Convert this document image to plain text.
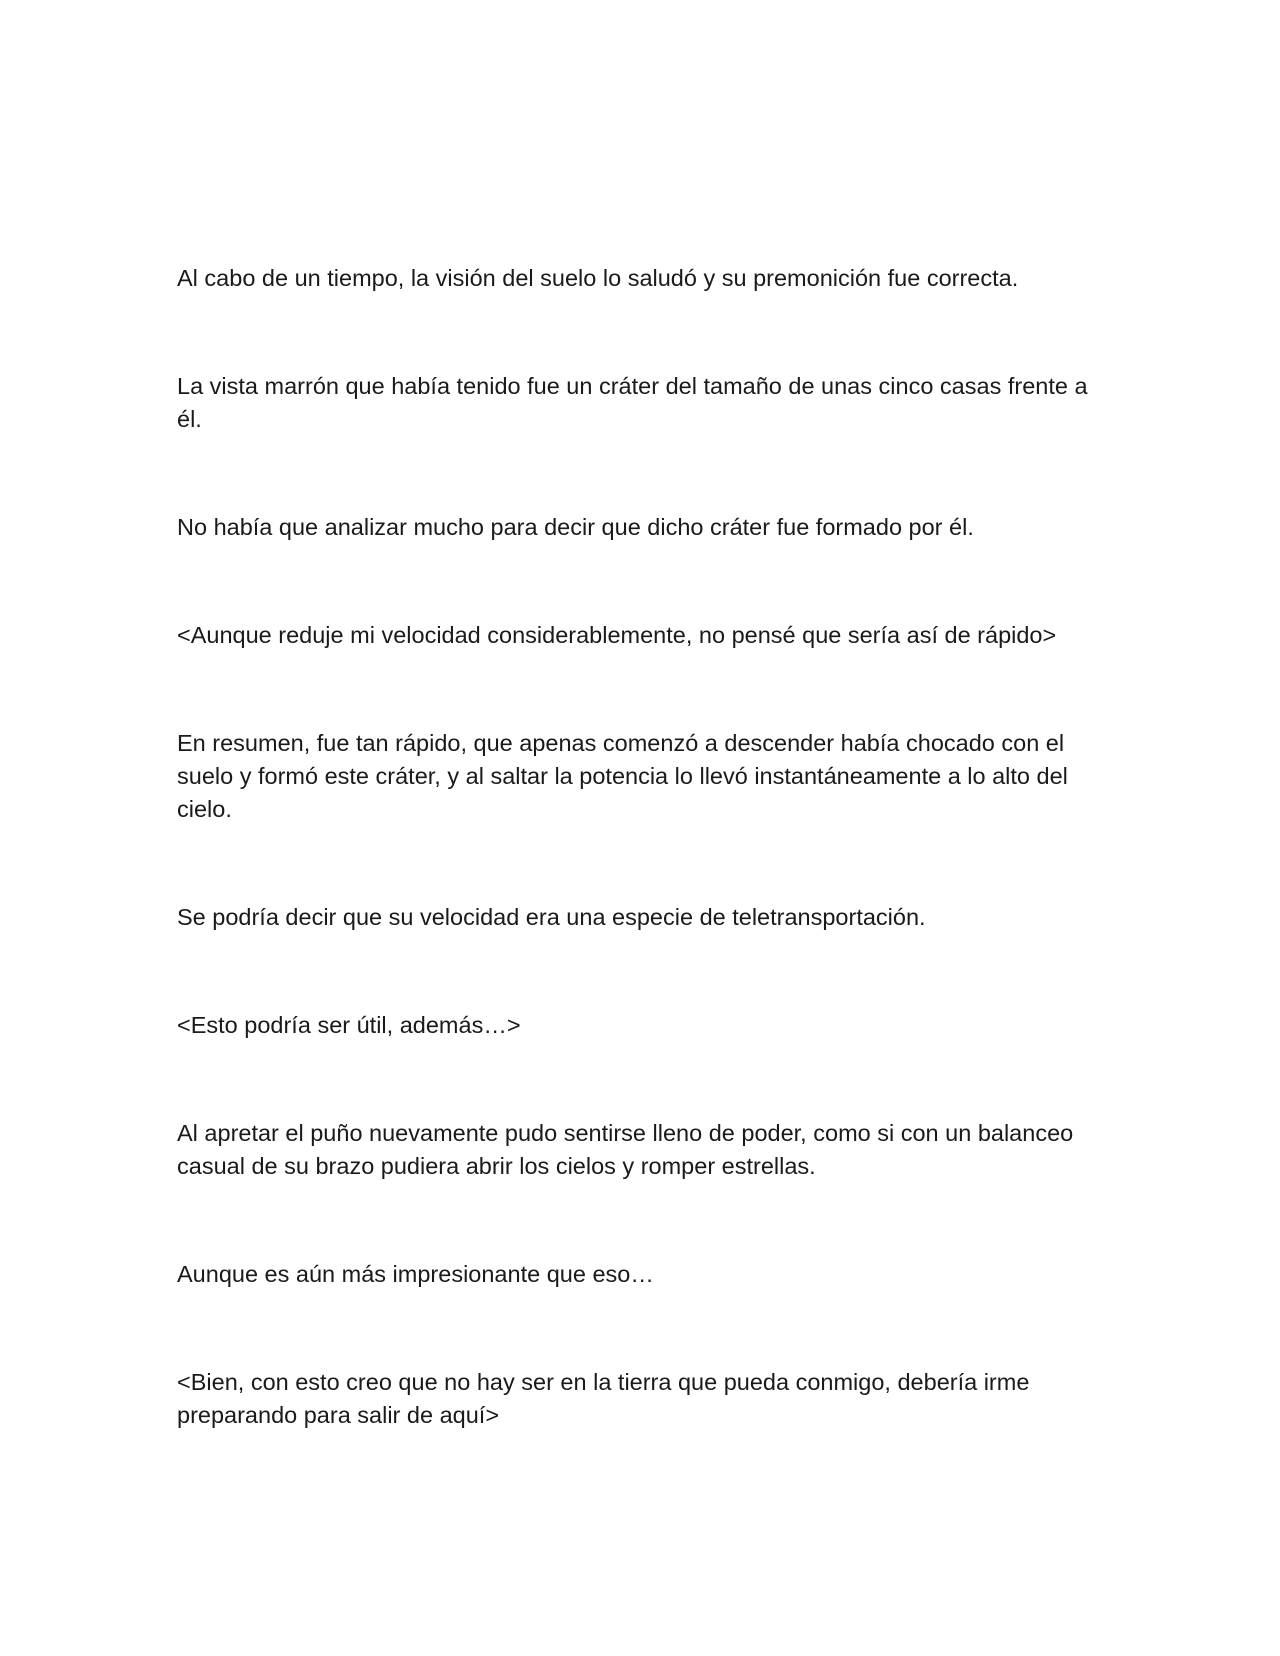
Al cabo de un tiempo, la visión del suelo lo saludó y su premonición fue correcta.

La vista marrón que había tenido fue un cráter del tamaño de unas cinco casas frente a él.

No había que analizar mucho para decir que dicho cráter fue formado por él.

<Aunque reduje mi velocidad considerablemente, no pensé que sería así de rápido>

En resumen, fue tan rápido, que apenas comenzó a descender había chocado con el suelo y formó este cráter, y al saltar la potencia lo llevó instantáneamente a lo alto del cielo.

Se podría decir que su velocidad era una especie de teletransportación.

<Esto podría ser útil, además…>

Al apretar el puño nuevamente pudo sentirse lleno de poder, como si con un balanceo casual de su brazo pudiera abrir los cielos y romper estrellas.

Aunque es aún más impresionante que eso…

<Bien, con esto creo que no hay ser en la tierra que pueda conmigo, debería irme preparando para salir de aquí>
